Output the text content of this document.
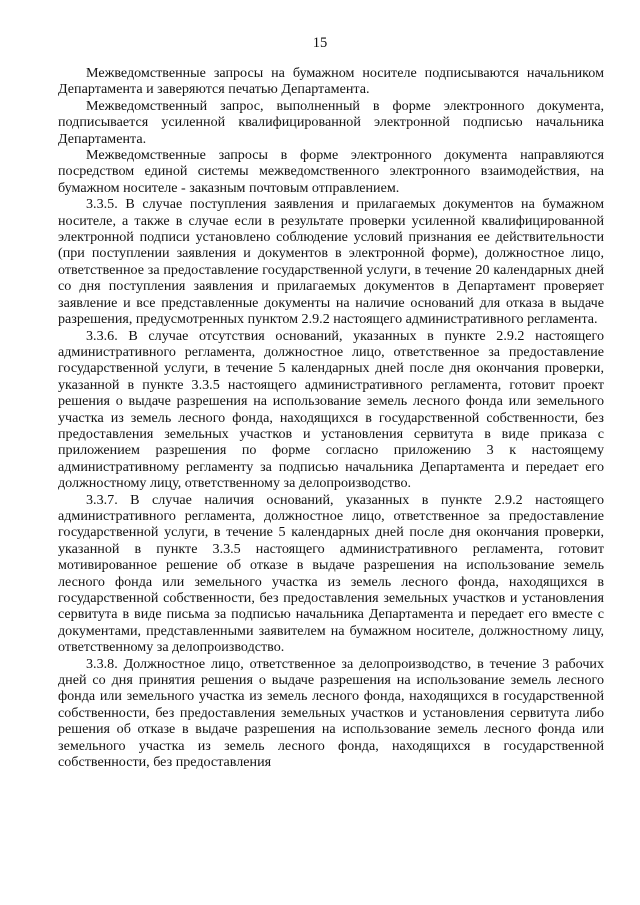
15

Межведомственные запросы на бумажном носителе подписываются начальником Департамента и заверяются печатью Департамента.

Межведомственный запрос, выполненный в форме электронного документа, подписывается усиленной квалифицированной электронной подписью начальника Департамента.

Межведомственные запросы в форме электронного документа направляются посредством единой системы межведомственного электронного взаимодействия, на бумажном носителе - заказным почтовым отправлением.

3.3.5. В случае поступления заявления и прилагаемых документов на бумажном носителе, а также в случае если в результате проверки усиленной квалифицированной электронной подписи установлено соблюдение условий признания ее действительности (при поступлении заявления и документов в электронной форме), должностное лицо, ответственное за предоставление государственной услуги, в течение 20 календарных дней со дня поступления заявления и прилагаемых документов в Департамент проверяет заявление и все представленные документы на наличие оснований для отказа в выдаче разрешения, предусмотренных пунктом 2.9.2 настоящего административного регламента.

3.3.6. В случае отсутствия оснований, указанных в пункте 2.9.2 настоящего административного регламента, должностное лицо, ответственное за предоставление государственной услуги, в течение 5 календарных дней после дня окончания проверки, указанной в пункте 3.3.5 настоящего административного регламента, готовит проект решения о выдаче разрешения на использование земель лесного фонда или земельного участка из земель лесного фонда, находящихся в государственной собственности, без предоставления земельных участков и установления сервитута в виде приказа с приложением разрешения по форме согласно приложению 3 к настоящему административному регламенту за подписью начальника Департамента и передает его должностному лицу, ответственному за делопроизводство.

3.3.7. В случае наличия оснований, указанных в пункте 2.9.2 настоящего административного регламента, должностное лицо, ответственное за предоставление государственной услуги, в течение 5 календарных дней после дня окончания проверки, указанной в пункте 3.3.5 настоящего административного регламента, готовит мотивированное решение об отказе в выдаче разрешения на использование земель лесного фонда или земельного участка из земель лесного фонда, находящихся в государственной собственности, без предоставления земельных участков и установления сервитута в виде письма за подписью начальника Департамента и передает его вместе с документами, представленными заявителем на бумажном носителе, должностному лицу, ответственному за делопроизводство.

3.3.8. Должностное лицо, ответственное за делопроизводство, в течение 3 рабочих дней со дня принятия решения о выдаче разрешения на использование земель лесного фонда или земельного участка из земель лесного фонда, находящихся в государственной собственности, без предоставления земельных участков и установления сервитута либо решения об отказе в выдаче разрешения на использование земель лесного фонда или земельного участка из земель лесного фонда, находящихся в государственной собственности, без предоставления
